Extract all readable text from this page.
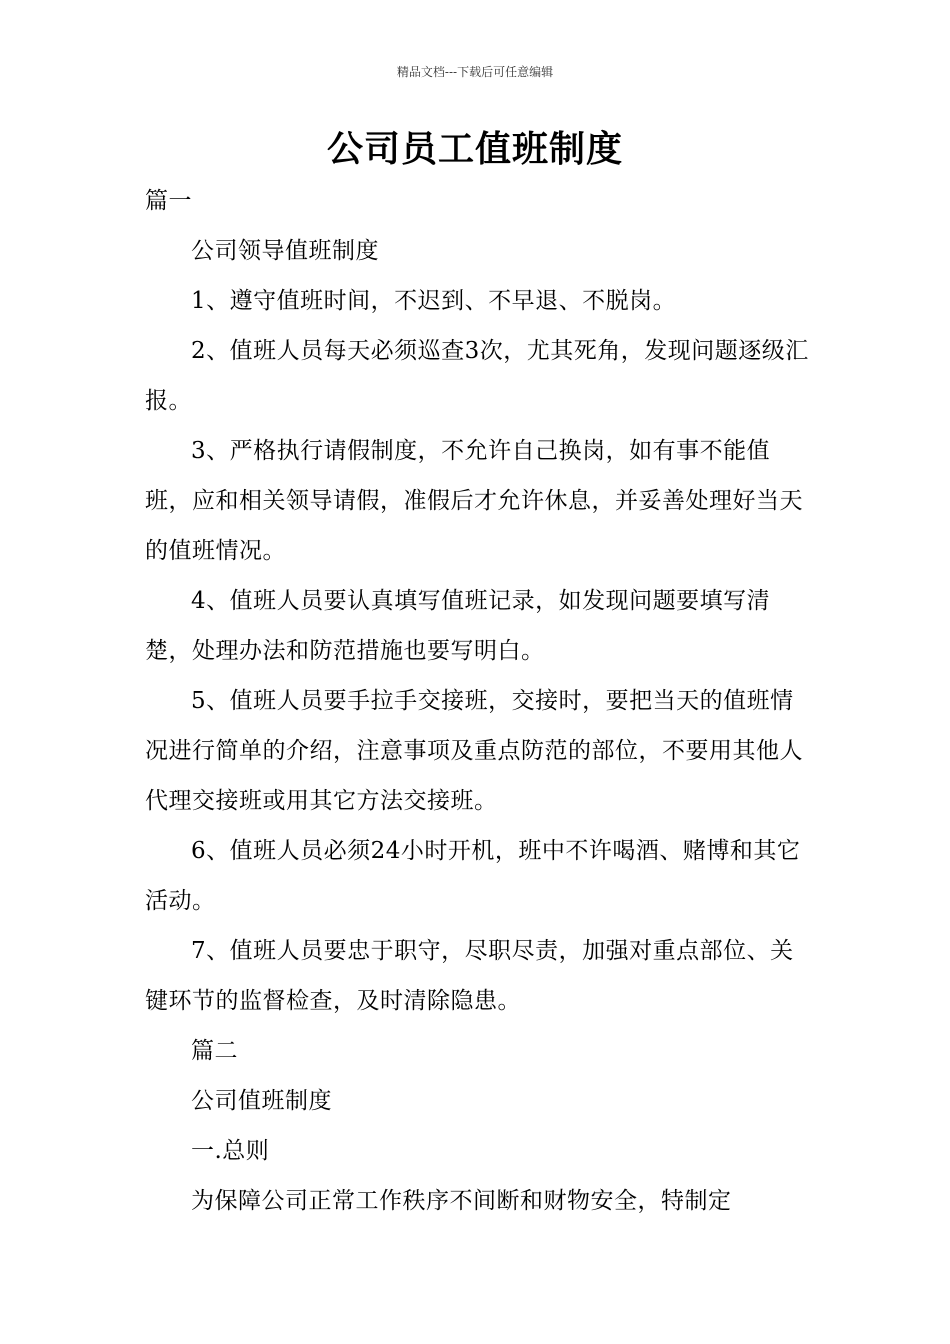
精品文档---下载后可任意编辑
公司员工值班制度

篇一

公司领导值班制度

1、遵守值班时间，不迟到、不早退、不脱岗。

2、值班人员每天必须巡查3次，尤其死角，发现问题逐级汇报。

3、严格执行请假制度，不允许自己换岗，如有事不能值班，应和相关领导请假，准假后才允许休息，并妥善处理好当天的值班情况。

4、值班人员要认真填写值班记录，如发现问题要填写清楚，处理办法和防范措施也要写明白。

5、值班人员要手拉手交接班，交接时，要把当天的值班情况进行简单的介绍，注意事项及重点防范的部位，不要用其他人代理交接班或用其它方法交接班。

6、值班人员必须24小时开机，班中不许喝酒、赌博和其它活动。

7、值班人员要忠于职守，尽职尽责，加强对重点部位、关键环节的监督检查，及时清除隐患。

篇二

公司值班制度

一.总则

为保障公司正常工作秩序不间断和财物安全，特制定
